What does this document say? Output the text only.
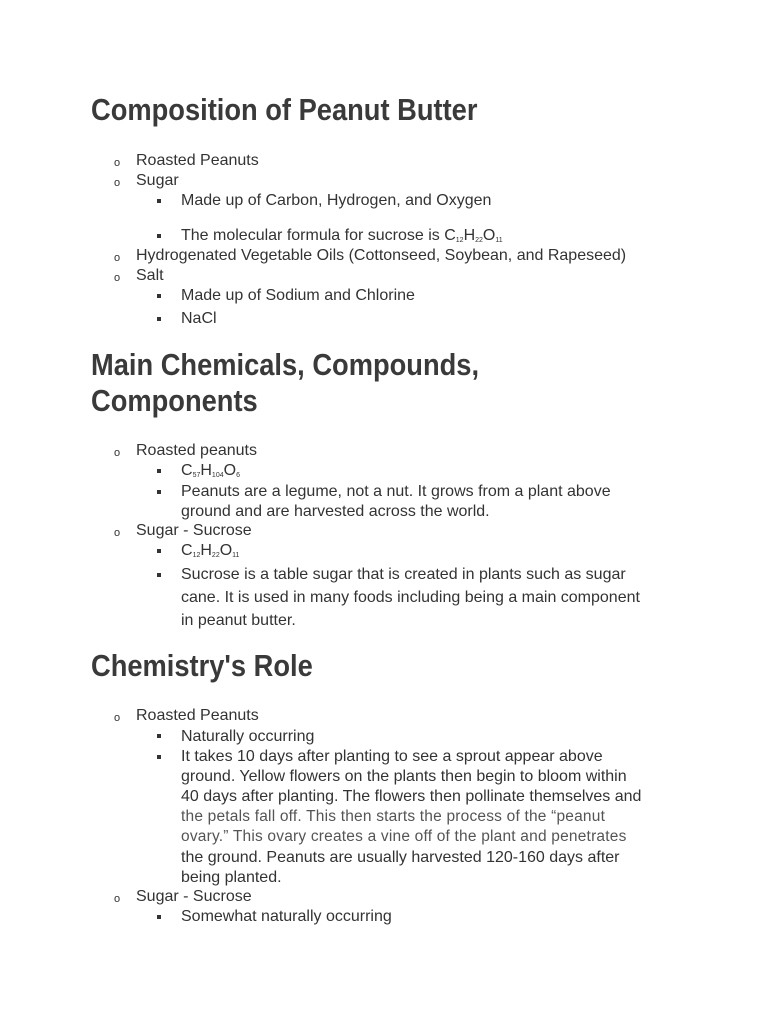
Composition of Peanut Butter
o Roasted Peanuts
o Sugar
Made up of Carbon, Hydrogen, and Oxygen
The molecular formula for sucrose is $C_{12}H_{22}O_{11}$
o Hydrogenated Vegetable Oils (Cottonseed, Soybean, and Rapeseed)
o Salt
Made up of Sodium and Chlorine
NaCl
Main Chemicals, Compounds,
Components
o Roasted peanuts
$C_{57}H_{104}O_6$
Peanuts are a legume, not a nut. It grows from a plant above
ground and are harvested across the world.
o Sugar - Sucrose
$C_{12}H_{22}O_{11}$
Sucrose is a table sugar that is created in plants such as sugar
cane. It is used in many foods including being a main component
in peanut butter.
Chemistry's Role
o Roasted Peanuts
Naturally occurring
It takes 10 days after planting to see a sprout appear above
ground. Yellow flowers on the plants then begin to bloom within
40 days after planting. The flowers then pollinate themselves and
the petals fall off. This then starts the process of the “peanut
ovary.” This ovary creates a vine off of the plant and penetrates
the ground. Peanuts are usually harvested 120-160 days after
being planted.
o Sugar - Sucrose
Somewhat naturally occurring
